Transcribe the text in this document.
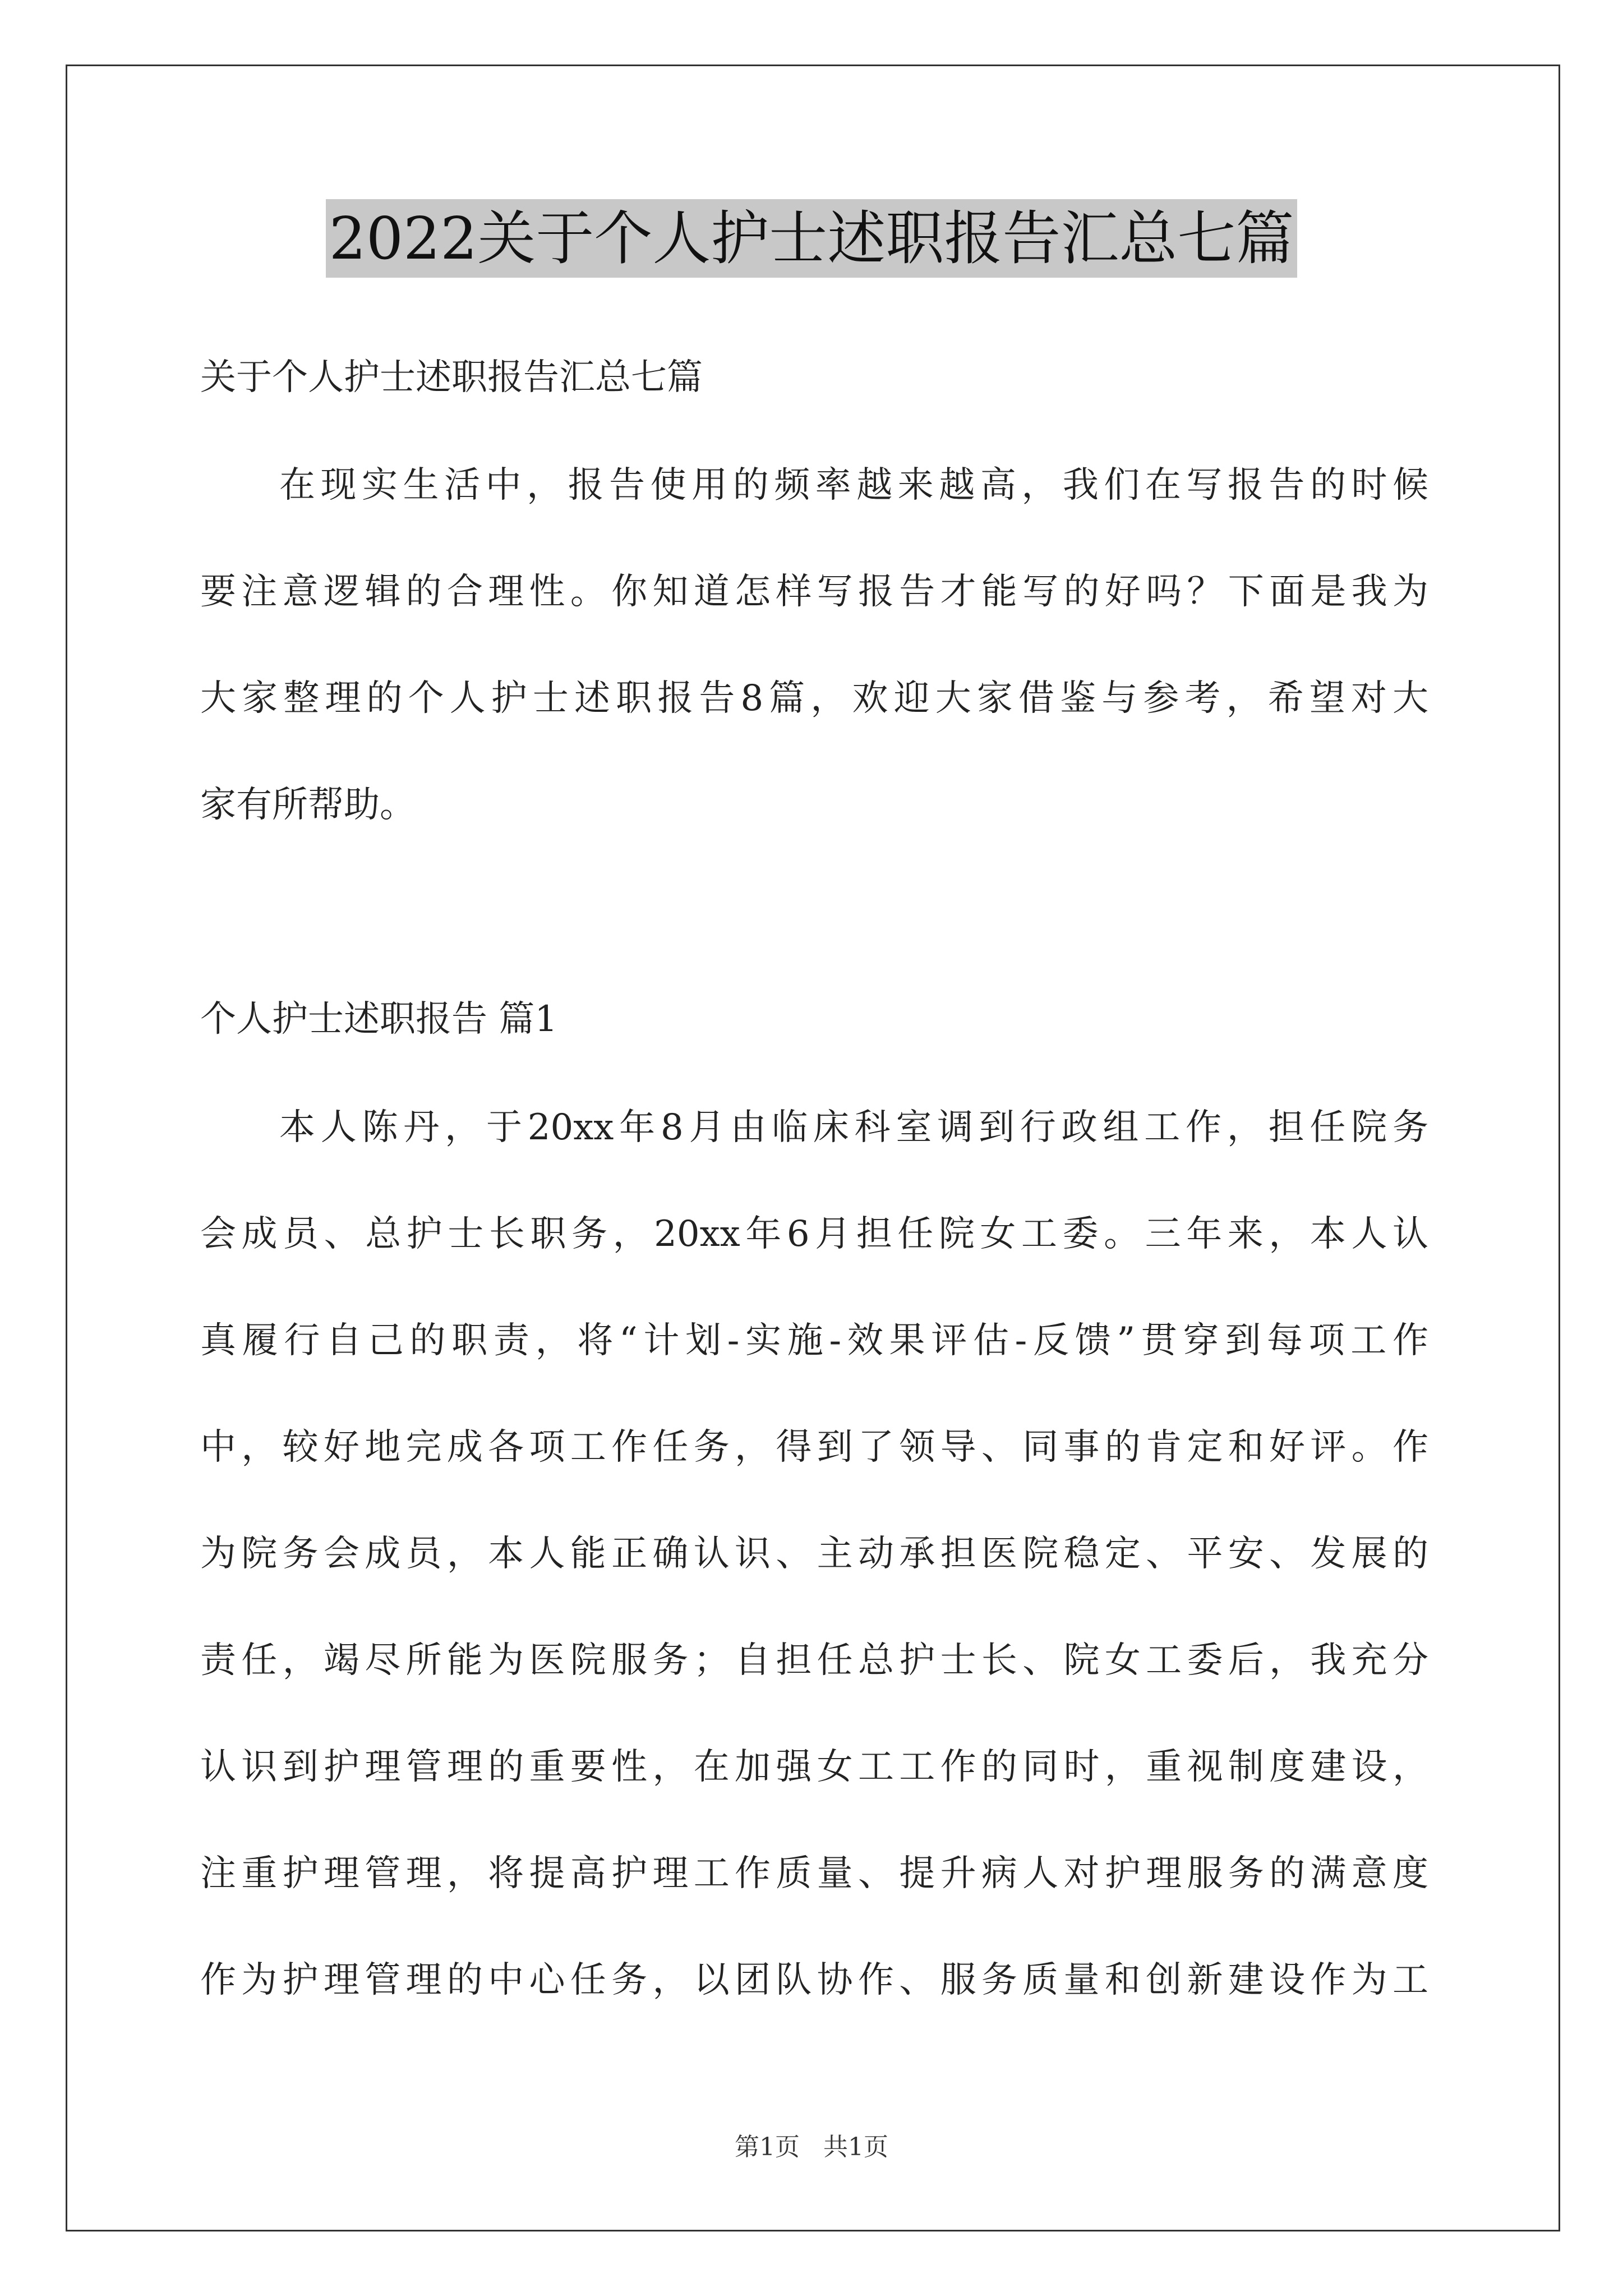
2022关于个人护士述职报告汇总七篇
关于个人护士述职报告汇总七篇
在现实生活中，报告使用的频率越来越高，我们在写报告的时候
要注意逻辑的合理性。你知道怎样写报告才能写的好吗？下面是我为
大家整理的个人护士述职报告8篇，欢迎大家借鉴与参考，希望对大
家有所帮助。
个人护士述职报告 篇1
本人陈丹，于20xx年8月由临床科室调到行政组工作，担任院务
会成员、总护士长职务，20xx年6月担任院女工委。三年来，本人认
真履行自己的职责，将“计划-实施-效果评估-反馈”贯穿到每项工作
中，较好地完成各项工作任务，得到了领导、同事的肯定和好评。作
为院务会成员，本人能正确认识、主动承担医院稳定、平安、发展的
责任，竭尽所能为医院服务；自担任总护士长、院女工委后，我充分
认识到护理管理的重要性，在加强女工工作的同时，重视制度建设，
注重护理管理，将提高护理工作质量、提升病人对护理服务的满意度
作为护理管理的中心任务，以团队协作、服务质量和创新建设作为工
第1页   共1页
